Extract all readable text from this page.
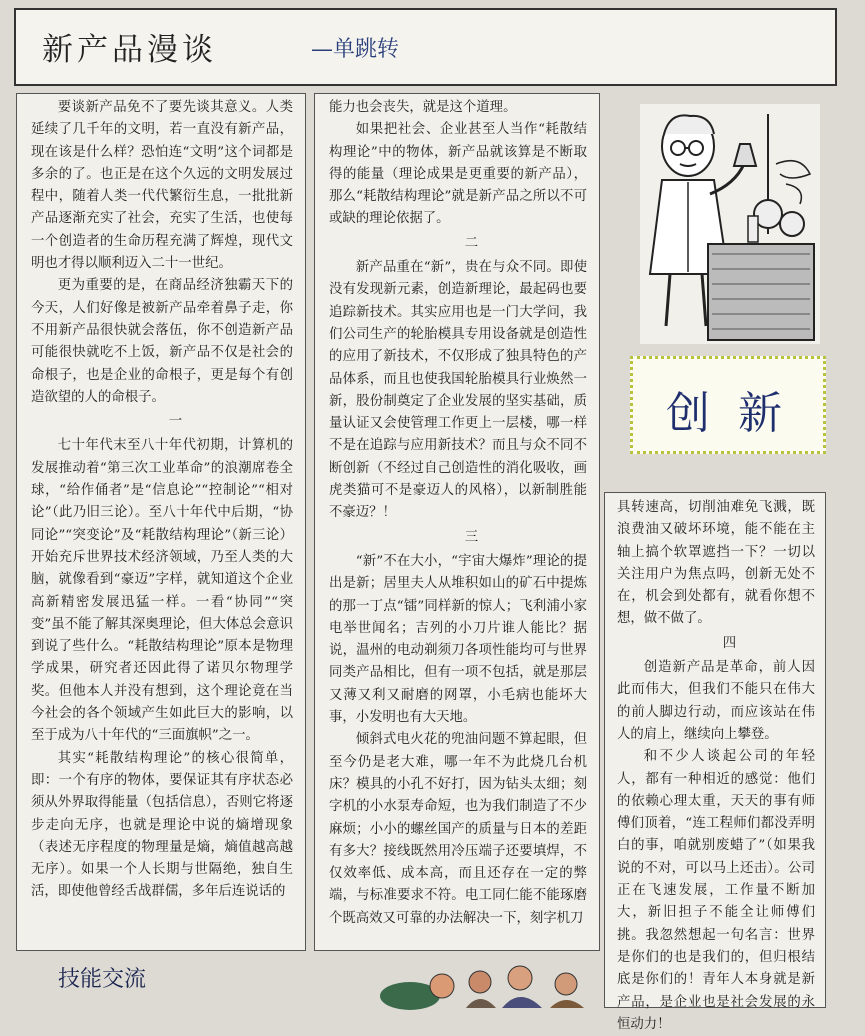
新产品漫谈	—单跳转

要谈新产品免不了要先谈其意义。人类延续了几千年的文明，若一直没有新产品，现在该是什么样？恐怕连“文明”这个词都是多余的了。也正是在这个久远的文明发展过程中，随着人类一代代繁衍生息，一批批新产品逐渐充实了社会，充实了生活，也使每一个创造者的生命历程充满了辉煌，现代文明也才得以顺利迈入二十一世纪。

更为重要的是，在商品经济独霸天下的今天，人们好像是被新产品牵着鼻子走，你不用新产品很快就会落伍，你不创造新产品可能很快就吃不上饭，新产品不仅是社会的命根子，也是企业的命根子，更是每个有创造欲望的人的命根子。

一

七十年代末至八十年代初期，计算机的发展推动着“第三次工业革命”的浪潮席卷全球，“给作俑者”是“信息论”“控制论”“相对论”（此乃旧三论）。至八十年代中后期，“协同论”“突变论”及“耗散结构理论”（新三论）开始充斥世界技术经济领域，乃至人类的大脑，就像看到“豪迈”字样，就知道这个企业高新精密发展迅猛一样。一看“协同”“突变”虽不能了解其深奥理论，但大体总会意识到说了些什么。“耗散结构理论”原本是物理学成果，研究者还因此得了诺贝尔物理学奖。但他本人并没有想到，这个理论竟在当今社会的各个领域产生如此巨大的影响，以至于成为八十年代的“三面旗帜”之一。

其实“耗散结构理论”的核心很简单，即：一个有序的物体，要保证其有序状态必须从外界取得能量（包括信息），否则它将逐步走向无序，也就是理论中说的熵增现象（表述无序程度的物理量是熵，熵值越高越无序）。如果一个人长期与世隔绝，独自生活，即使他曾经舌战群儒，多年后连说话的

能力也会丧失，就是这个道理。

如果把社会、企业甚至人当作“耗散结构理论”中的物体，新产品就该算是不断取得的能量（理论成果是更重要的新产品），那么“耗散结构理论”就是新产品之所以不可或缺的理论依据了。

二

新产品重在“新”，贵在与众不同。即使没有发现新元素，创造新理论，最起码也要追踪新技术。其实应用也是一门大学问，我们公司生产的轮胎模具专用设备就是创造性的应用了新技术，不仅形成了独具特色的产品体系，而且也使我国轮胎模具行业焕然一新，股份制奠定了企业发展的坚实基础，质量认证又会使管理工作更上一层楼，哪一样不是在追踪与应用新技术？而且与众不同不断创新（不经过自己创造性的消化吸收，画虎类猫可不是豪迈人的风格），以新制胜能不豪迈？！

三

“新”不在大小，“宇宙大爆炸”理论的提出是新；居里夫人从堆积如山的矿石中提炼的那一丁点“镭”同样新的惊人；飞利浦小家电举世闻名；吉列的小刀片谁人能比？据说，温州的电动剃须刀各项性能均可与世界同类产品相比，但有一项不包括，就是那层又薄又利又耐磨的网罩，小毛病也能坏大事，小发明也有大天地。

倾斜式电火花的兜油问题不算起眼，但至今仍是老大难，哪一年不为此烧几台机床？模具的小孔不好打，因为钻头太细；刻字机的小水泵寿命短，也为我们制造了不少麻烦；小小的螺丝国产的质量与日本的差距有多大？接线既然用冷压端子还要填焊，不仅效率低、成本高，而且还存在一定的弊端，与标准要求不符。电工同仁能不能琢磨个既高效又可靠的办法解决一下，刻字机刀

创新

具转速高，切削油难免飞溅，既浪费油又破坏环境，能不能在主轴上搞个软罩遮挡一下？一切以关注用户为焦点吗，创新无处不在，机会到处都有，就看你想不想，做不做了。

四

创造新产品是革命，前人因此而伟大，但我们不能只在伟大的前人脚边行动，而应该站在伟人的肩上，继续向上攀登。

和不少人谈起公司的年轻人，都有一种相近的感觉：他们的依赖心理太重，天天的事有师傅们顶着，“连工程师们都没弄明白的事，咱就别废蜡了”（如果我说的不对，可以马上还击）。公司正在飞速发展，工作量不断加大，新旧担子不能全让师傅们挑。我忽然想起一句名言：世界是你们的也是我们的，但归根结底是你们的！青年人本身就是新产品，是企业也是社会发展的永恒动力！

技能交流
